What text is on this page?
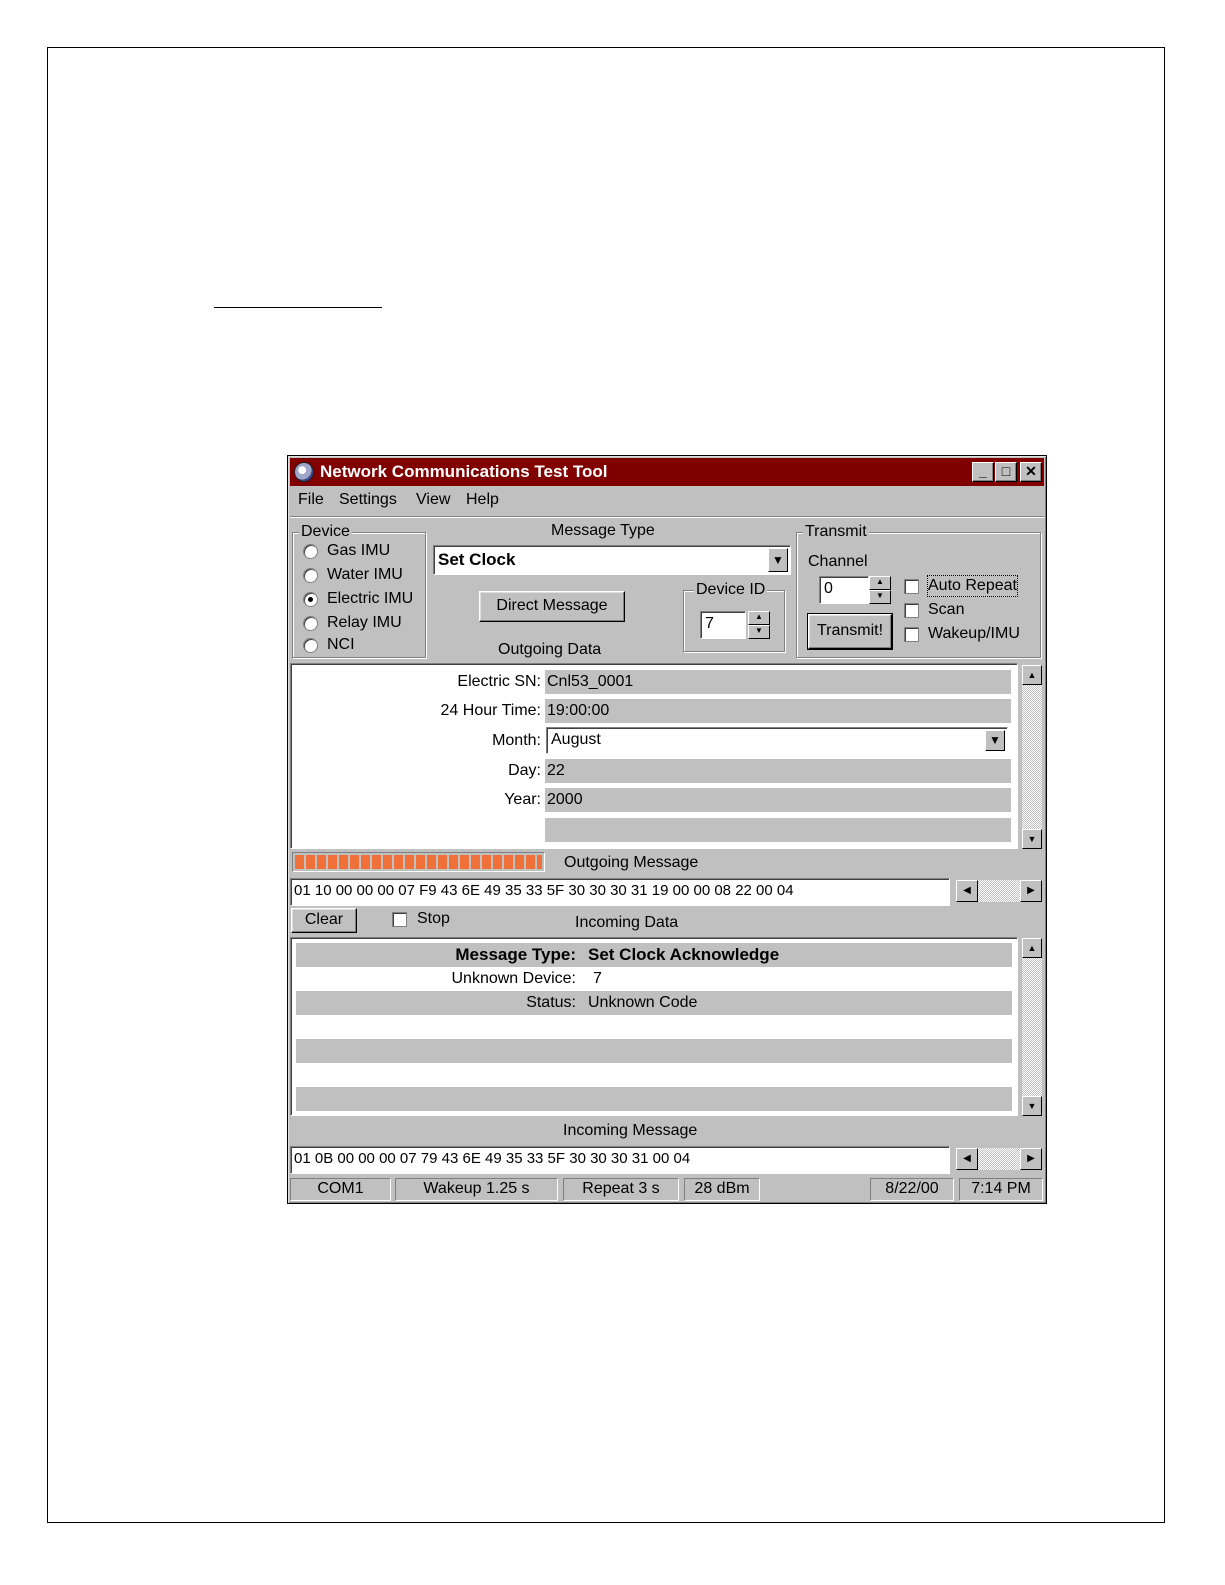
Network Communications Test Tool	_	□	✕
File Settings View Help
Device
Gas IMU
Water IMU
Electric IMU
Relay IMU
NCI
Message Type
Set Clock	▼
Direct Message
Outgoing Data
Device ID
7	▲
▼
Transmit
Channel
0	▲
▼
Transmit!
Auto Repeat
Scan
Wakeup/IMU
Electric SN: Cnl53_0001
24 Hour Time: 19:00:00
Month: August	▼
Day: 22
Year: 2000
▲
▼
Outgoing Message
01 10 00 00 00 07 F9 43 6E 49 35 33 5F 30 30 30 31 19 00 00 08 22 00 04	◀	▶
Clear	Stop	Incoming Data
Message Type: Set Clock Acknowledge
Unknown Device: 7
Status: Unknown Code
▲
▼
Incoming Message
01 0B 00 00 00 07 79 43 6E 49 35 33 5F 30 30 30 31 00 04	◀	▶
COM1	Wakeup 1.25 s	Repeat 3 s	28 dBm	8/22/00	7:14 PM
